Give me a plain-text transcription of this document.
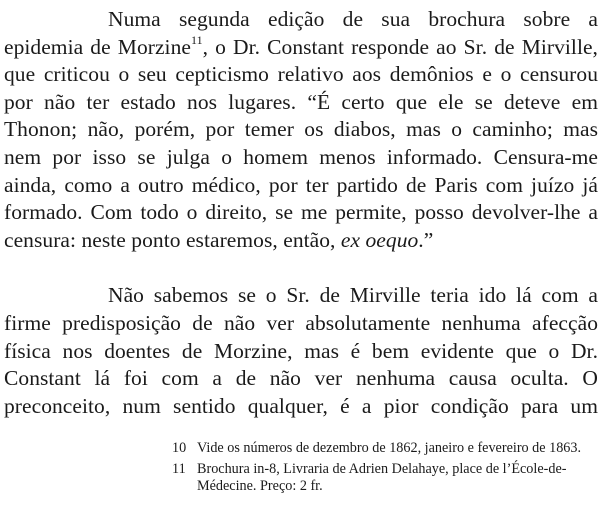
Numa segunda edição de sua brochura sobre a
epidemia de Morzine$^{11}$, o Dr. Constant responde ao Sr. de Mirville,
que criticou o seu cepticismo relativo aos demônios e o censurou
por não ter estado nos lugares. “É certo que ele se deteve em
Thonon; não, porém, por temer os diabos, mas o caminho; mas
nem por isso se julga o homem menos informado. Censura-me
ainda, como a outro médico, por ter partido de Paris com juízo já
formado. Com todo o direito, se me permite, posso devolver-lhe a
censura: neste ponto estaremos, então, ex oequo.”

Não sabemos se o Sr. de Mirville teria ido lá com a
firme predisposição de não ver absolutamente nenhuma afecção
física nos doentes de Morzine, mas é bem evidente que o Dr.
Constant lá foi com a de não ver nenhuma causa oculta. O
preconceito, num sentido qualquer, é a pior condição para um

10 Vide os números de dezembro de 1862, janeiro e fevereiro de 1863.
11 Brochura in-8, Livraria de Adrien Delahaye, place de l’École-de-
Médecine. Preço: 2 fr.
